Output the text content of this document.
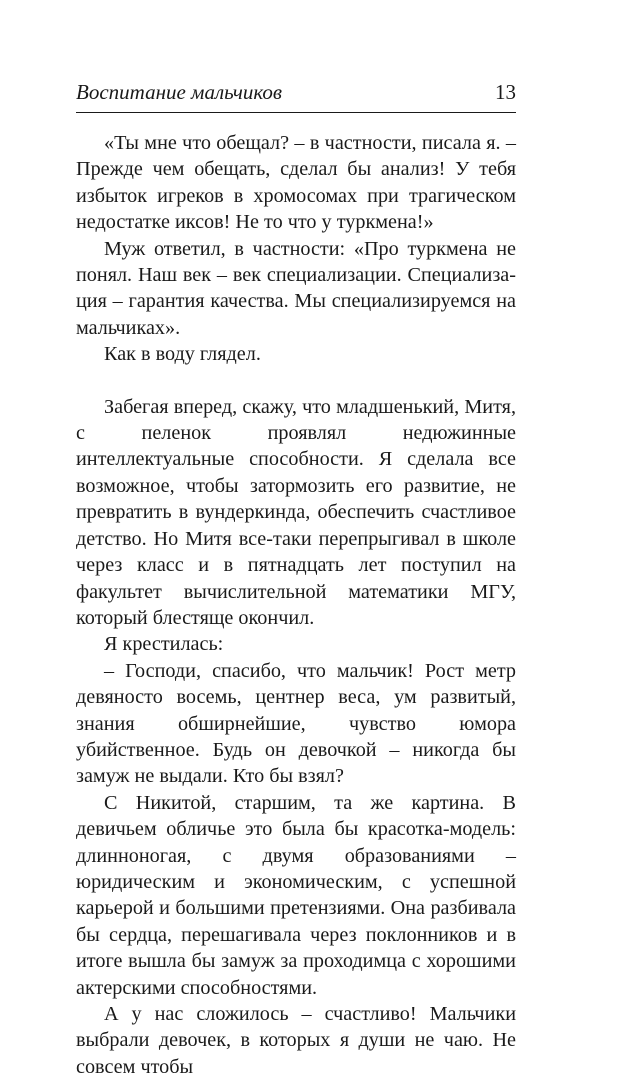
Воспитание мальчиков	13

«Ты мне что обещал? – в частности, писала я. – Прежде чем обещать, сделал бы анализ! У тебя избыток игреков в хромосомах при трагическом недостатке иксов! Не то что у туркмена!»

Муж ответил, в частности: «Про туркмена не понял. Наш век – век специализации. Специализация – гарантия качества. Мы специализируемся на мальчиках».

Как в воду глядел.

Забегая вперед, скажу, что младшенький, Митя, с пеленок проявлял недюжинные интеллектуальные способности. Я сделала все возможное, чтобы затормозить его развитие, не превратить в вундеркинда, обеспечить счастливое детство. Но Митя все-таки перепрыгивал в школе через класс и в пятнадцать лет поступил на факультет вычислительной математики МГУ, который блестяще окончил.

Я крестилась:

– Господи, спасибо, что мальчик! Рост метр девяносто восемь, центнер веса, ум развитый, знания обширнейшие, чувство юмора убийственное. Будь он девочкой – никогда бы замуж не выдали. Кто бы взял?

С Никитой, старшим, та же картина. В девичьем обличье это была бы красотка-модель: длинноногая, с двумя образованиями – юридическим и экономическим, с успешной карьерой и большими претензиями. Она разбивала бы сердца, перешагивала через поклонников и в итоге вышла бы замуж за проходимца с хорошими актерскими способностями.

А у нас сложилось – счастливо! Мальчики выбрали девочек, в которых я души не чаю. Не совсем чтобы
